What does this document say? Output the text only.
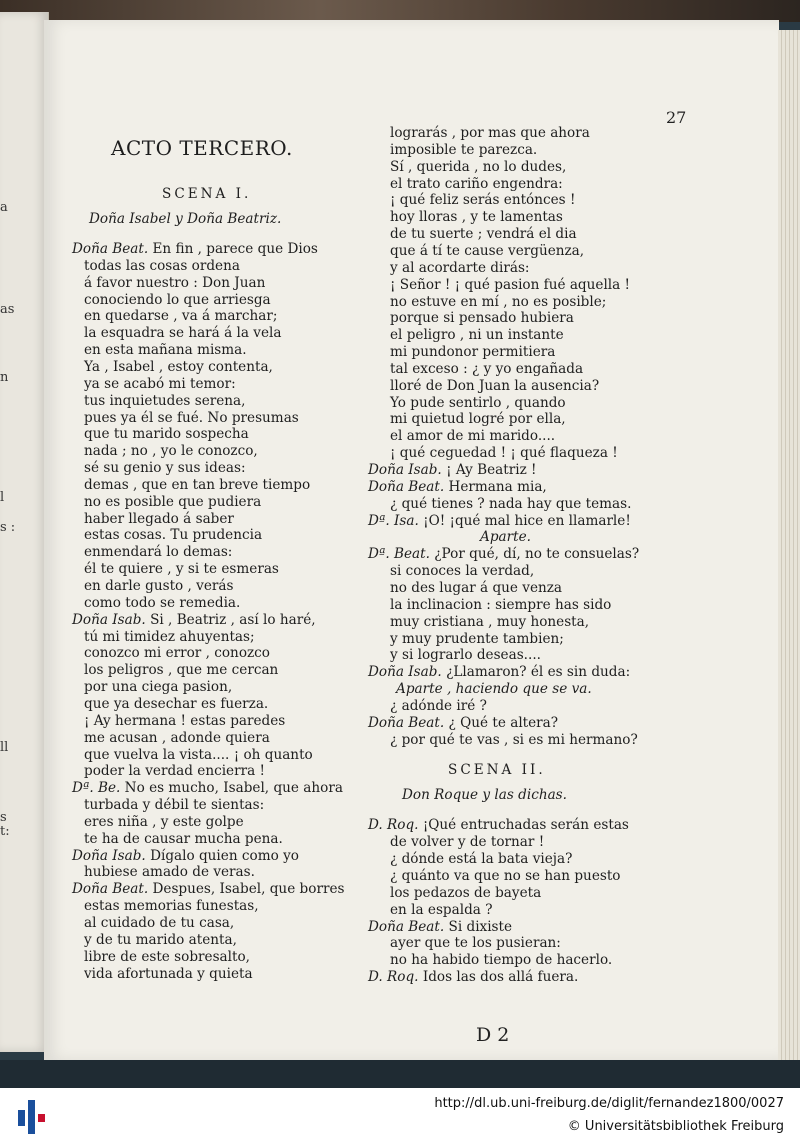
a
as
n
l
s :
ll
s
t:
27
ACTO TERCERO.
SCENA I.
Doña Isabel y Doña Beatriz.
Doña Beat. En fin , parece que Dios
todas las cosas ordena
á favor nuestro : Don Juan
conociendo lo que arriesga
en quedarse , va á marchar;
la esquadra se hará á la vela
en esta mañana misma.
Ya , Isabel , estoy contenta,
ya se acabó mi temor:
tus inquietudes serena,
pues ya él se fué. No presumas
que tu marido sospecha
nada ; no , yo le conozco,
sé su genio y sus ideas:
demas , que en tan breve tiempo
no es posible que pudiera
haber llegado á saber
estas cosas. Tu prudencia
enmendará lo demas:
él te quiere , y si te esmeras
en darle gusto , verás
como todo se remedia.
Doña Isab. Si , Beatriz , así lo haré,
tú mi timidez ahuyentas;
conozco mi error , conozco
los peligros , que me cercan
por una ciega pasion,
que ya desechar es fuerza.
¡ Ay hermana ! estas paredes
me acusan , adonde quiera
que vuelva la vista.... ¡ oh quanto
poder la verdad encierra !
Dª. Be. No es mucho, Isabel, que ahora
turbada y débil te sientas:
eres niña , y este golpe
te ha de causar mucha pena.
Doña Isab. Dígalo quien como yo
hubiese amado de veras.
Doña Beat. Despues, Isabel, que borres
estas memorias funestas,
al cuidado de tu casa,
y de tu marido atenta,
libre de este sobresalto,
vida afortunada y quieta
lograrás , por mas que ahora
imposible te parezca.
Sí , querida , no lo dudes,
el trato cariño engendra:
¡ qué feliz serás entónces !
hoy lloras , y te lamentas
de tu suerte ; vendrá el dia
que á tí te cause vergüenza,
y al acordarte dirás:
¡ Señor ! ¡ qué pasion fué aquella !
no estuve en mí , no es posible;
porque si pensado hubiera
el peligro , ni un instante
mi pundonor permitiera
tal exceso : ¿ y yo engañada
lloré de Don Juan la ausencia?
Yo pude sentirlo , quando
mi quietud logré por ella,
el amor de mi marido....
¡ qué ceguedad ! ¡ qué flaqueza !
Doña Isab. ¡ Ay Beatriz !
Doña Beat. Hermana mia,
¿ qué tienes ? nada hay que temas.
Dª. Isa. ¡O! ¡qué mal hice en llamarle!
Aparte.
Dª. Beat. ¿Por qué, dí, no te consuelas?
si conoces la verdad,
no des lugar á que venza
la inclinacion : siempre has sido
muy cristiana , muy honesta,
y muy prudente tambien;
y si lograrlo deseas....
Doña Isab. ¿Llamaron? él es sin duda:
Aparte , haciendo que se va.
¿ adónde iré ?
Doña Beat. ¿ Qué te altera?
¿ por qué te vas , si es mi hermano?
SCENA II.
Don Roque y las dichas.
D. Roq. ¡Qué entruchadas serán estas
de volver y de tornar !
¿ dónde está la bata vieja?
¿ quánto va que no se han puesto
los pedazos de bayeta
en la espalda ?
Doña Beat. Si dixiste
ayer que te los pusieran:
no ha habido tiempo de hacerlo.
D. Roq. Idos las dos allá fuera.
D 2
http://dl.ub.uni-freiburg.de/diglit/fernandez1800/0027
© Universitätsbibliothek Freiburg
